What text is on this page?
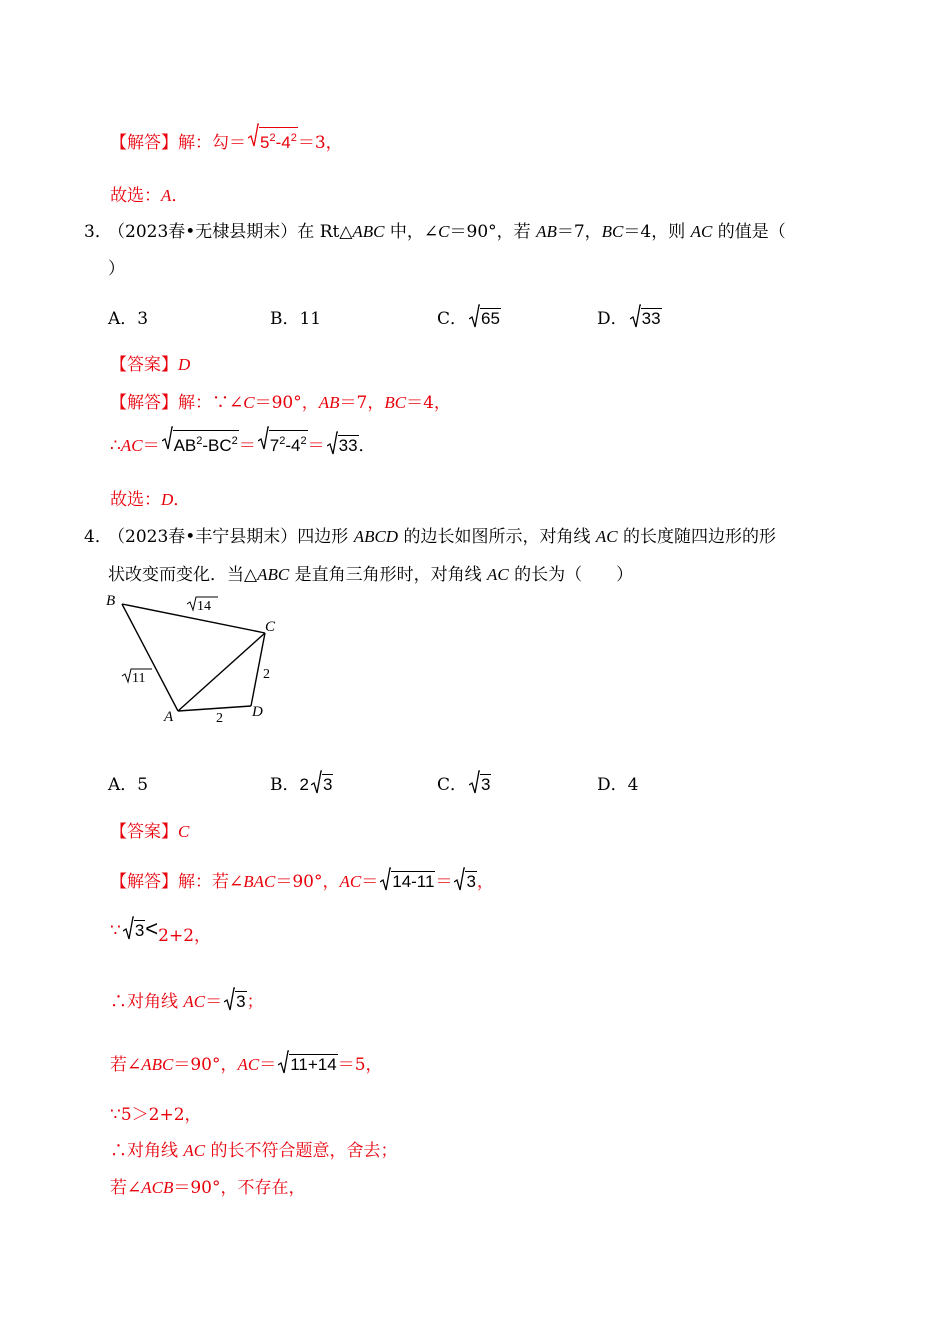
【解答】解：勾＝ $5^2-4^2=3$，
故选：A．
3．
（2023春•无棣县期末）在 Rt△ABC 中，∠C＝90°，若 AB＝7，BC＝4，则 AC 的值是（
）
A．3	B．11	C． 65	D． 33
【答案】D
【解答】解：∵∠C＝90°，AB＝7，BC＝4，
∴AC＝ $AB^2-BC^2= 7^2-4^2= 33$．
故选：D．
4．
（2023春•丰宁县期末）四边形 ABCD 的边长如图所示，对角线 AC 的长度随四边形的形
状改变而变化．当△ABC 是直角三角形时，对角线 AC 的长为（　　）
B
C
A	D
14
11	2
2
A．5	B．2 3	C． 3	D．4
【答案】C
【解答】解：若∠BAC＝90°，AC＝ 14-11＝ 3，
∵ 3<2+2，
∴对角线 AC＝ 3；
若∠ABC＝90°，AC＝ 11+14＝5，
∵5＞2+2，
∴对角线 AC 的长不符合题意，舍去；
若∠ACB＝90°，不存在，
